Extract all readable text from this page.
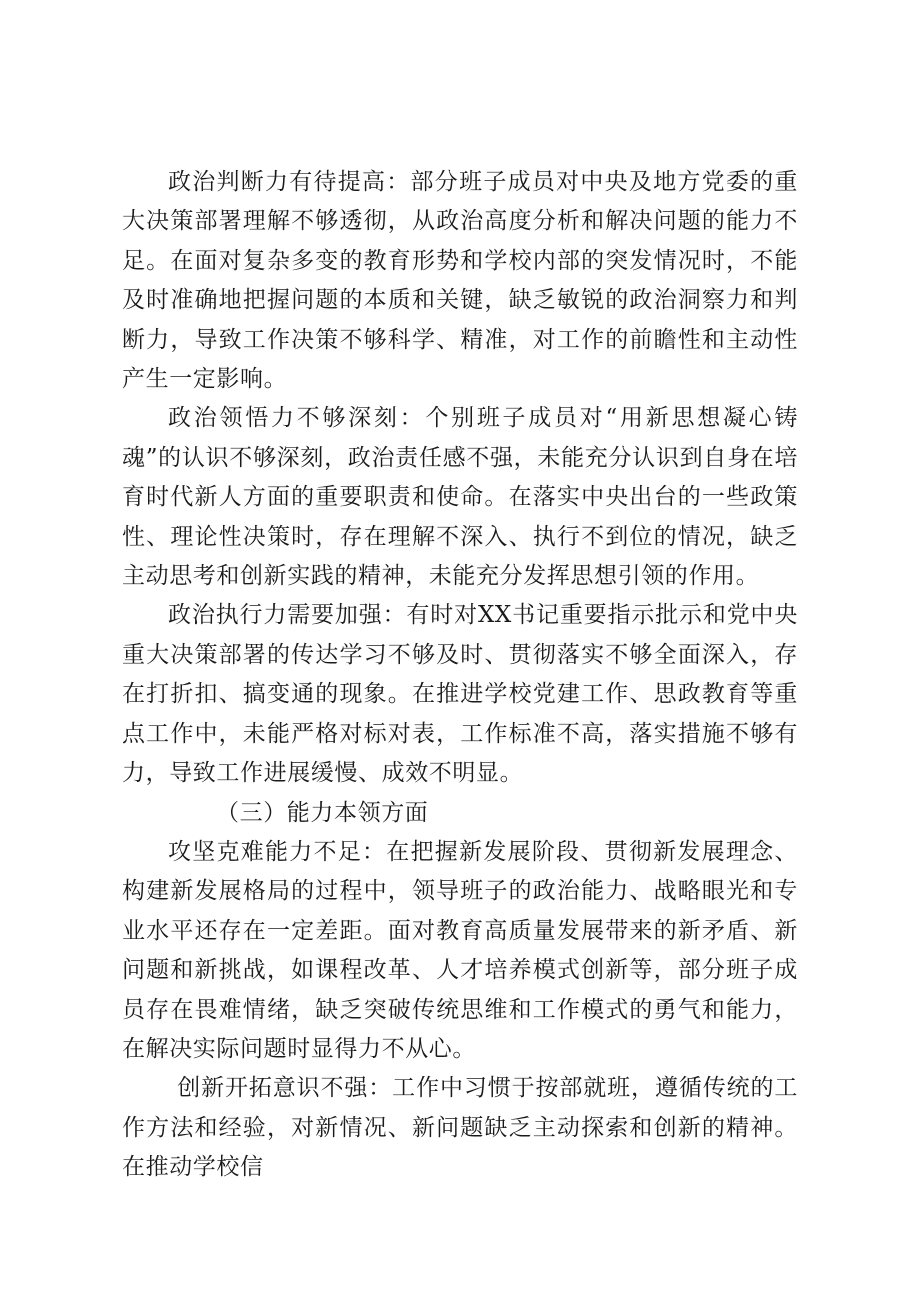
政治判断力有待提高：部分班子成员对中央及地方党委的重大决策部署理解不够透彻，从政治高度分析和解决问题的能力不足。在面对复杂多变的教育形势和学校内部的突发情况时，不能及时准确地把握问题的本质和关键，缺乏敏锐的政治洞察力和判断力，导致工作决策不够科学、精准，对工作的前瞻性和主动性产生一定影响。

政治领悟力不够深刻：个别班子成员对“用新思想凝心铸魂”的认识不够深刻，政治责任感不强，未能充分认识到自身在培育时代新人方面的重要职责和使命。在落实中央出台的一些政策性、理论性决策时，存在理解不深入、执行不到位的情况，缺乏主动思考和创新实践的精神，未能充分发挥思想引领的作用。

政治执行力需要加强：有时对XX书记重要指示批示和党中央重大决策部署的传达学习不够及时、贯彻落实不够全面深入，存在打折扣、搞变通的现象。在推进学校党建工作、思政教育等重点工作中，未能严格对标对表，工作标准不高，落实措施不够有力，导致工作进展缓慢、成效不明显。

（三）能力本领方面

攻坚克难能力不足：在把握新发展阶段、贯彻新发展理念、构建新发展格局的过程中，领导班子的政治能力、战略眼光和专业水平还存在一定差距。面对教育高质量发展带来的新矛盾、新问题和新挑战，如课程改革、人才培养模式创新等，部分班子成员存在畏难情绪，缺乏突破传统思维和工作模式的勇气和能力，在解决实际问题时显得力不从心。

创新开拓意识不强：工作中习惯于按部就班，遵循传统的工作方法和经验，对新情况、新问题缺乏主动探索和创新的精神。在推动学校信
